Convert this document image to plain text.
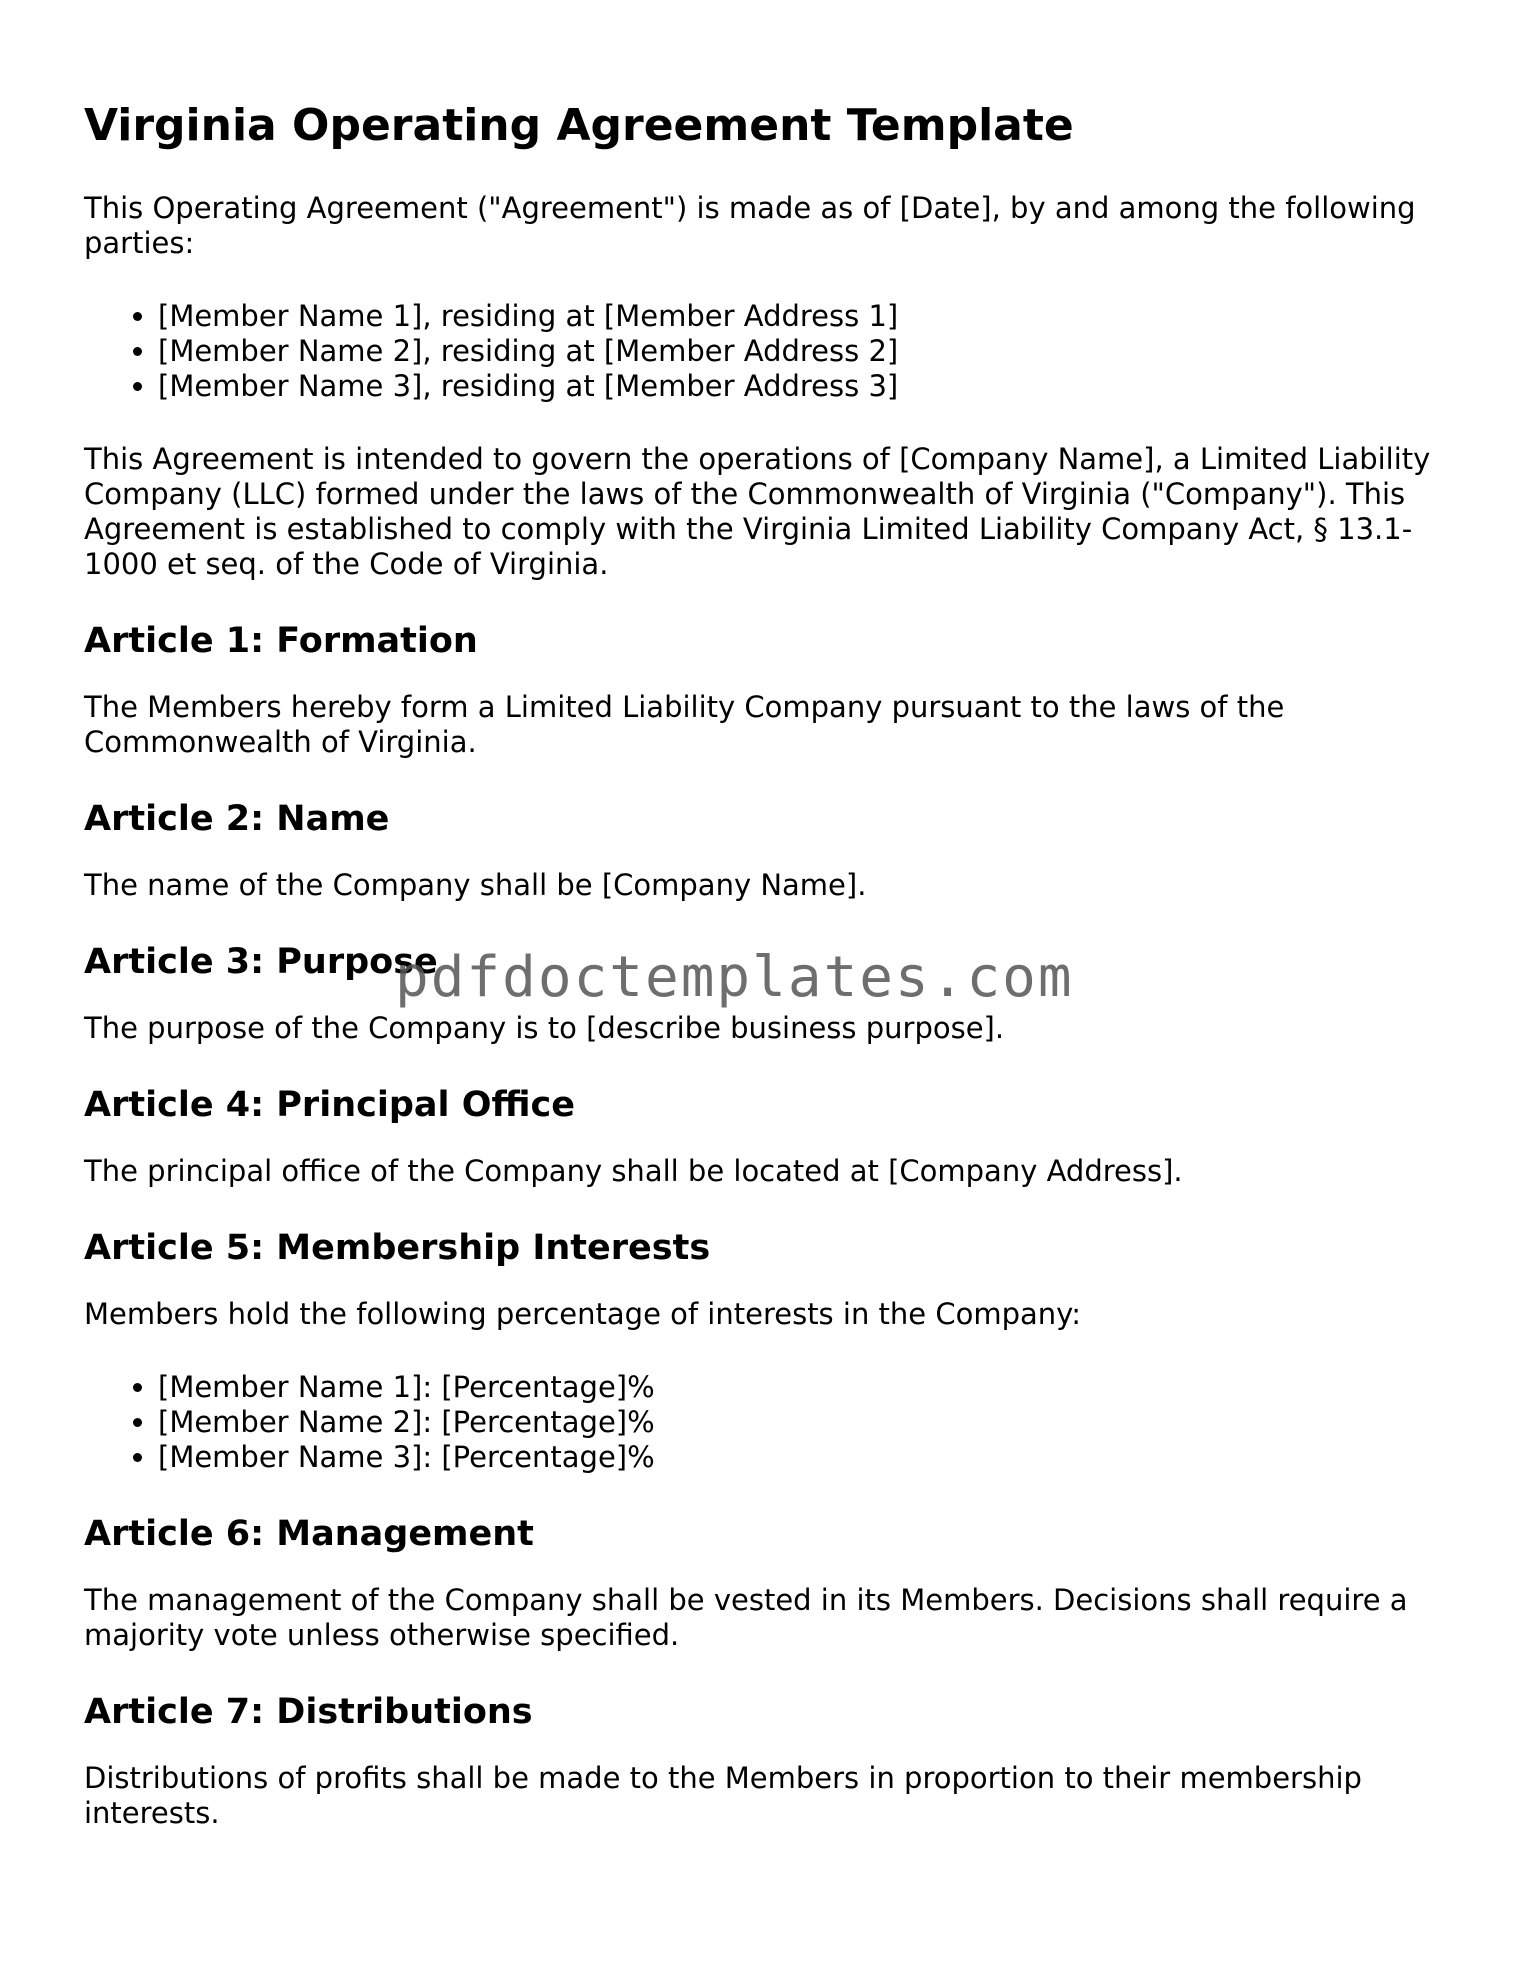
Virginia Operating Agreement Template

This Operating Agreement ("Agreement") is made as of [Date], by and among the following parties:

• [Member Name 1], residing at [Member Address 1]
• [Member Name 2], residing at [Member Address 2]
• [Member Name 3], residing at [Member Address 3]

This Agreement is intended to govern the operations of [Company Name], a Limited Liability Company (LLC) formed under the laws of the Commonwealth of Virginia ("Company"). This Agreement is established to comply with the Virginia Limited Liability Company Act, § 13.1-1000 et seq. of the Code of Virginia.

Article 1: Formation

The Members hereby form a Limited Liability Company pursuant to the laws of the Commonwealth of Virginia.

Article 2: Name

The name of the Company shall be [Company Name].

Article 3: Purpose

The purpose of the Company is to [describe business purpose].

Article 4: Principal Office

The principal office of the Company shall be located at [Company Address].

Article 5: Membership Interests

Members hold the following percentage of interests in the Company:

• [Member Name 1]: [Percentage]%
• [Member Name 2]: [Percentage]%
• [Member Name 3]: [Percentage]%
Article 6: Management

The management of the Company shall be vested in its Members. Decisions shall require a majority vote unless otherwise specified.

Article 7: Distributions

Distributions of profits shall be made to the Members in proportion to their membership interests.

pdfdoctemplates.com
